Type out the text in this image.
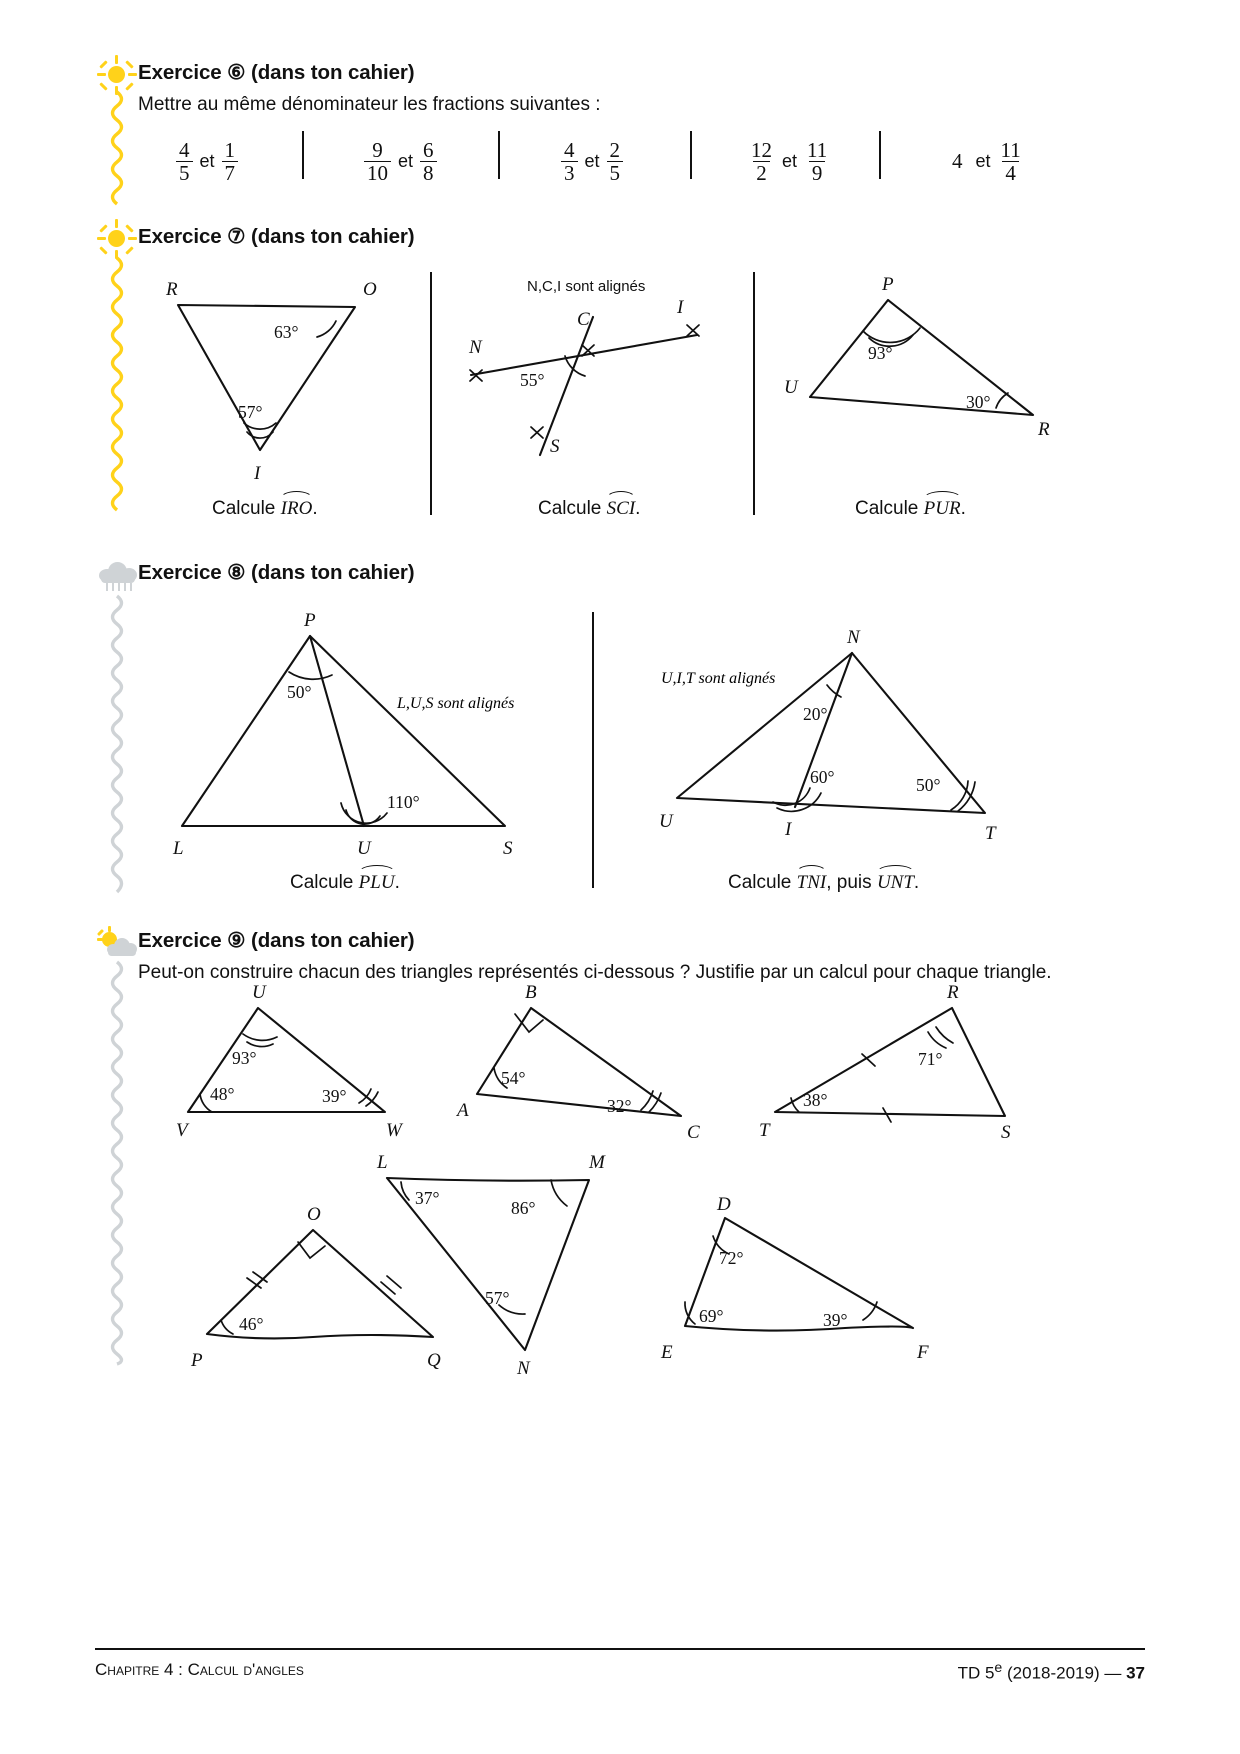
Exercice ⑥ (dans ton cahier)
Mettre au même dénominateur les fractions suivantes :
$\frac{4}{5}$ et $\frac{1}{7}$	$\frac{9}{10}$ et $\frac{6}{8}$	$\frac{4}{3}$ et $\frac{2}{5}$	$\frac{12}{2}$ et $\frac{11}{9}$	4 et $\frac{11}{4}$
Exercice ⑦ (dans ton cahier)
R	O
I
63°
57°
N,C,I sont alignés
N
C
I
S
55°
P
U
R
93°
30°
Calcule IRO.	Calcule SCI.	Calcule PUR.
Exercice ⑧ (dans ton cahier)
P
L	U	S
50°
110°
L,U,S sont alignés
U,I,T sont alignés
N
U	I	T
20°
60°	50°
Calcule PLU.	Calcule TNI, puis UNT.
Exercice ⑨ (dans ton cahier)
Peut-on construire chacun des triangles représentés ci-dessous ? Justifie par un calcul pour chaque triangle.
U
V	W
93°
48°	39°
B
A
C
54°
32°
R
T	S
71°
38°
O
P	Q
46°
L	M
N
37°	86°
57°
D
E	F
72°
69°	39°
Chapitre 4 : Calcul d'angles	TD 5e (2018-2019) — 37
